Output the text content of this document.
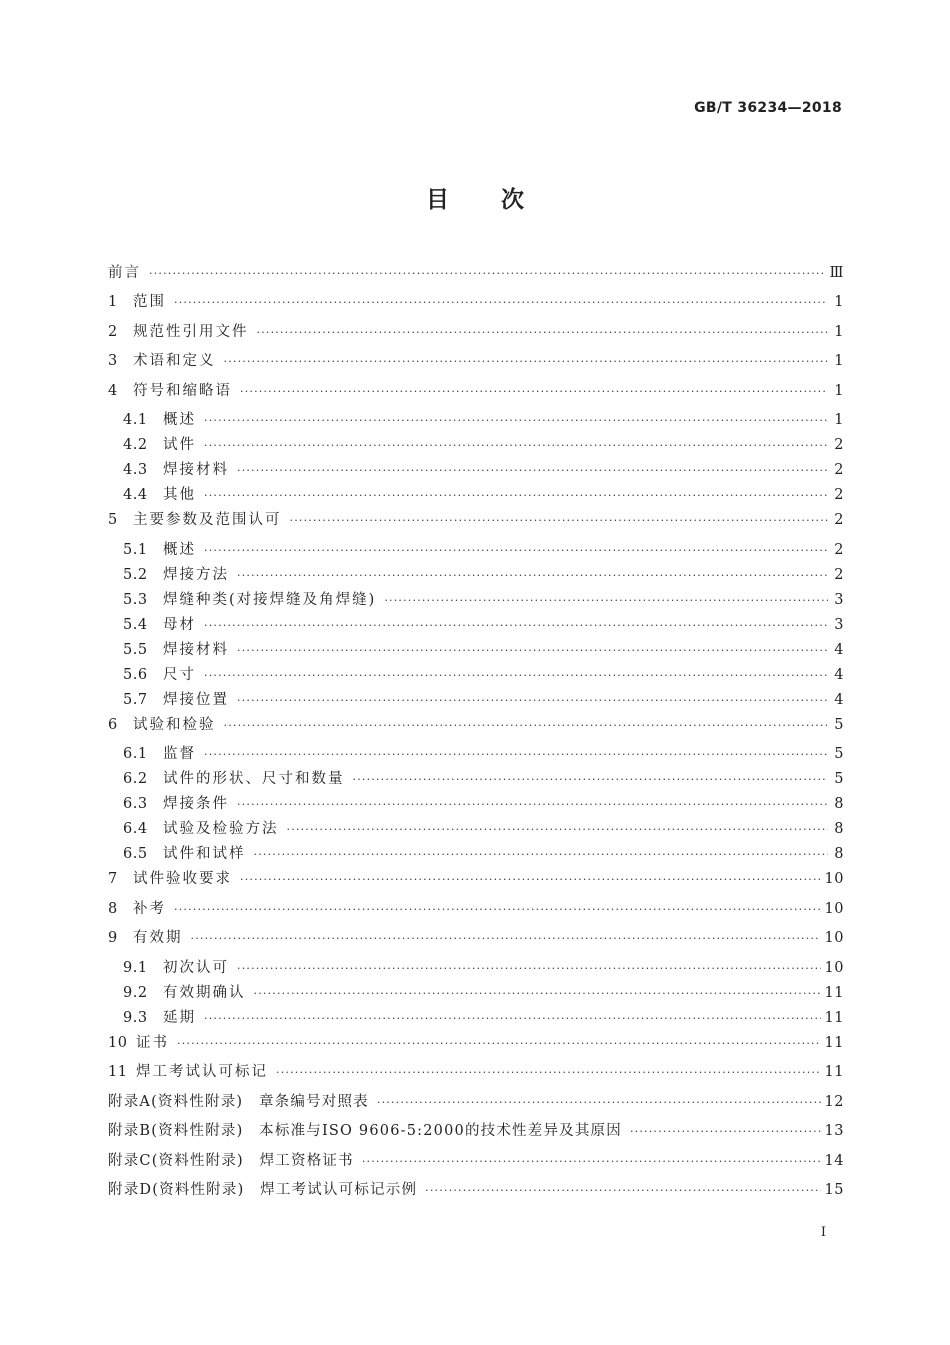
GB/T 36234—2018
目 次
前言 ·····	Ⅲ
1	范围 ·····	1
2	规范性引用文件 ·····	1
3	术语和定义 ·····	1
4	符号和缩略语 ·····	1
4.1	概述 ·····	1
4.2	试件 ·····	2
4.3	焊接材料 ·····	2
4.4	其他 ·····	2
5	主要参数及范围认可 ·····	2
5.1	概述 ·····	2
5.2	焊接方法 ·····	2
5.3	焊缝种类(对接焊缝及角焊缝) ·····	3
5.4	母材 ·····	3
5.5	焊接材料 ·····	4
5.6	尺寸 ·····	4
5.7	焊接位置 ·····	4
6	试验和检验 ·····	5
6.1	监督 ·····	5
6.2	试件的形状、尺寸和数量 ·····	5
6.3	焊接条件 ·····	8
6.4	试验及检验方法 ·····	8
6.5	试件和试样 ·····	8
7	试件验收要求 ·····	10
8	补考 ·····	10
9	有效期 ·····	10
9.1	初次认可 ·····	10
9.2	有效期确认 ·····	11
9.3	延期 ·····	11
10 证书 ·····	11
11 焊工考试认可标记 ·····	11
附录A(资料性附录)　章条编号对照表 ·····	12
附录B(资料性附录)　本标准与ISO 9606-5:2000的技术性差异及其原因 ·····	13
附录C(资料性附录)　焊工资格证书 ·····	14
附录D(资料性附录)　焊工考试认可标记示例 ·····	15
I
